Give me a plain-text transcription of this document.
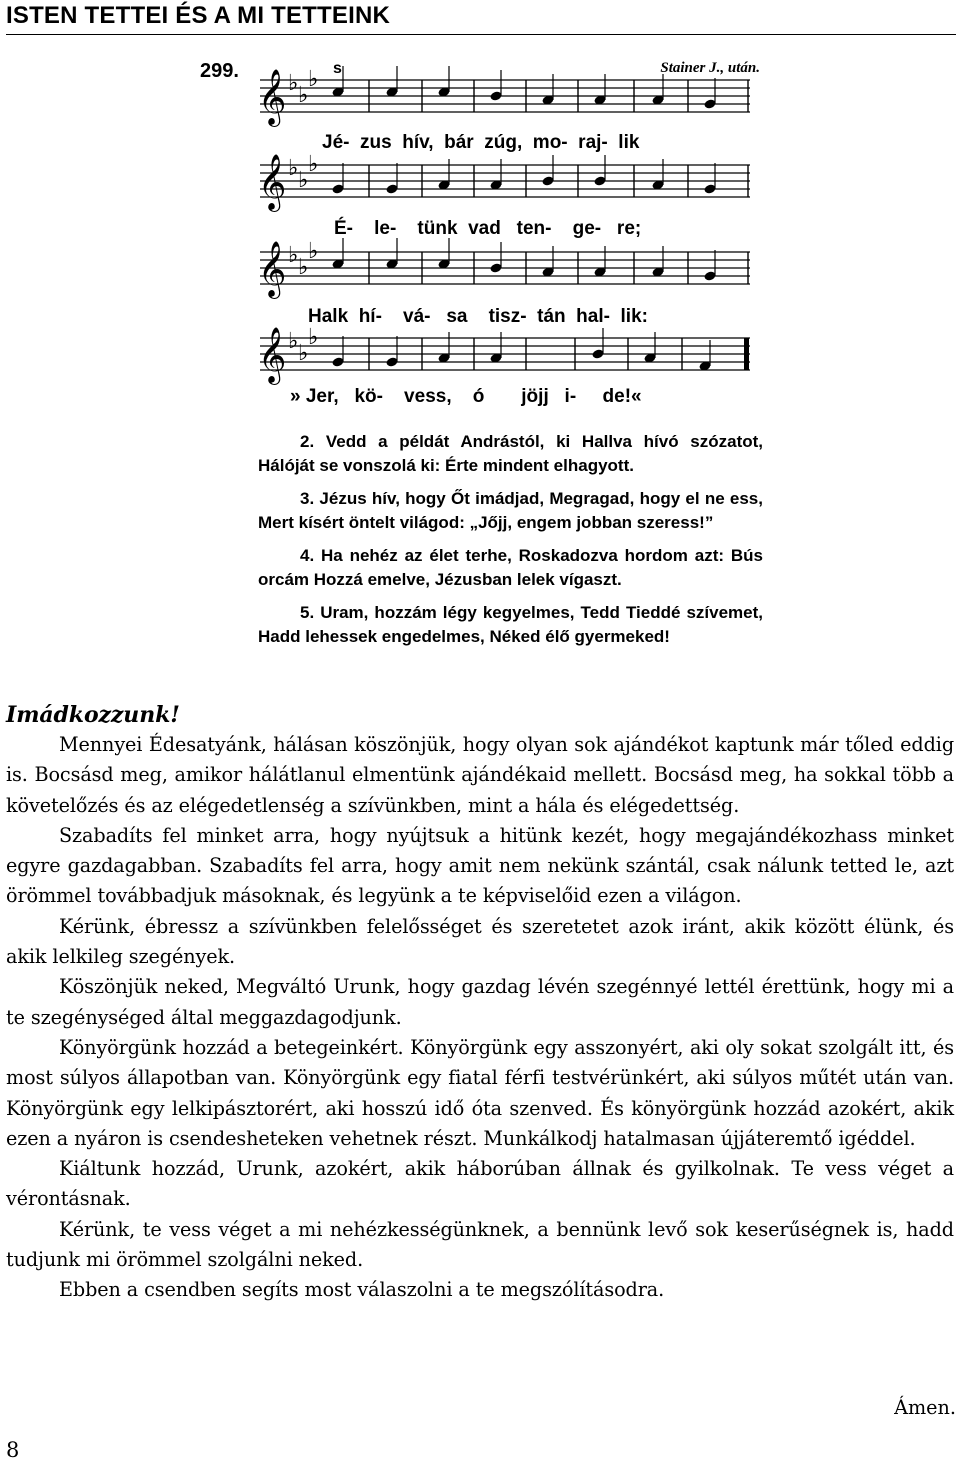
ISTEN TETTEI ÉS A MI TETTEINK
299.	s	Stainer J., után.
𝄞 ♭ ♭
♭
𝄞 ♭ ♭
♭
𝄞 ♭ ♭
♭
𝄞 ♭ ♭
♭
Jé-  zus  hív,  bár  zúg,  mo-  raj-  lik
É-    le-    tünk  vad   ten-    ge-   re;
Halk  hí-    vá-   sa    tisz-  tán  hal-  lik:
» Jer,   kö-    vess,    ó       jöjj   i-     de!«

2. Vedd a példát Andrástól, ki Hallva hívó szózatot, Hálóját se vonszolá ki: Érte mindent elhagyott.

3. Jézus hív, hogy Őt imádjad, Megragad, hogy el ne ess, Mert kísért öntelt világod: „Jőjj, engem jobban szeress!”

4. Ha nehéz az élet terhe, Roskadozva hordom azt: Bús orcám Hozzá emelve, Jézusban lelek vígaszt.

5. Uram, hozzám légy kegyelmes, Tedd Tieddé szívemet, Hadd lehessek engedelmes, Néked élő gyermeked!

Imádkozzunk!

Mennyei Édesatyánk, hálásan köszönjük, hogy olyan sok ajándékot kaptunk már tőled eddig is. Bocsásd meg, amikor hálátlanul elmentünk ajándékaid mellett. Bocsásd meg, ha sokkal több a követelőzés és az elégedetlenség a szívünkben, mint a hála és elégedettség.

Szabadíts fel minket arra, hogy nyújtsuk a hitünk kezét, hogy megajándékozhass minket egyre gazdagabban. Szabadíts fel arra, hogy amit nem nekünk szántál, csak nálunk tetted le, azt örömmel továbbadjuk másoknak, és legyünk a te képviselőid ezen a világon.

Kérünk, ébressz a szívünkben felelősséget és szeretetet azok iránt, akik között élünk, és akik lelkileg szegények.

Köszönjük neked, Megváltó Urunk, hogy gazdag lévén szegénnyé lettél érettünk, hogy mi a te szegénységed által meggazdagodjunk.

Könyörgünk hozzád a betegeinkért. Könyörgünk egy asszonyért, aki oly sokat szolgált itt, és most súlyos állapotban van. Könyörgünk egy fiatal férfi testvérünkért, aki súlyos műtét után van. Könyörgünk egy lelkipásztorért, aki hosszú idő óta szenved. És könyörgünk hozzád azokért, akik ezen a nyáron is csendesheteken vehetnek részt. Munkálkodj hatalmasan újjáteremtő igéddel.

Kiáltunk hozzád, Urunk, azokért, akik háborúban állnak és gyilkolnak. Te vess véget a vérontásnak.

Kérünk, te vess véget a mi nehézkességünknek, a bennünk levő sok keserűségnek is, hadd tudjunk mi örömmel szolgálni neked.

Ebben a csendben segíts most válaszolni a te megszólításodra.

Ámen.
8
